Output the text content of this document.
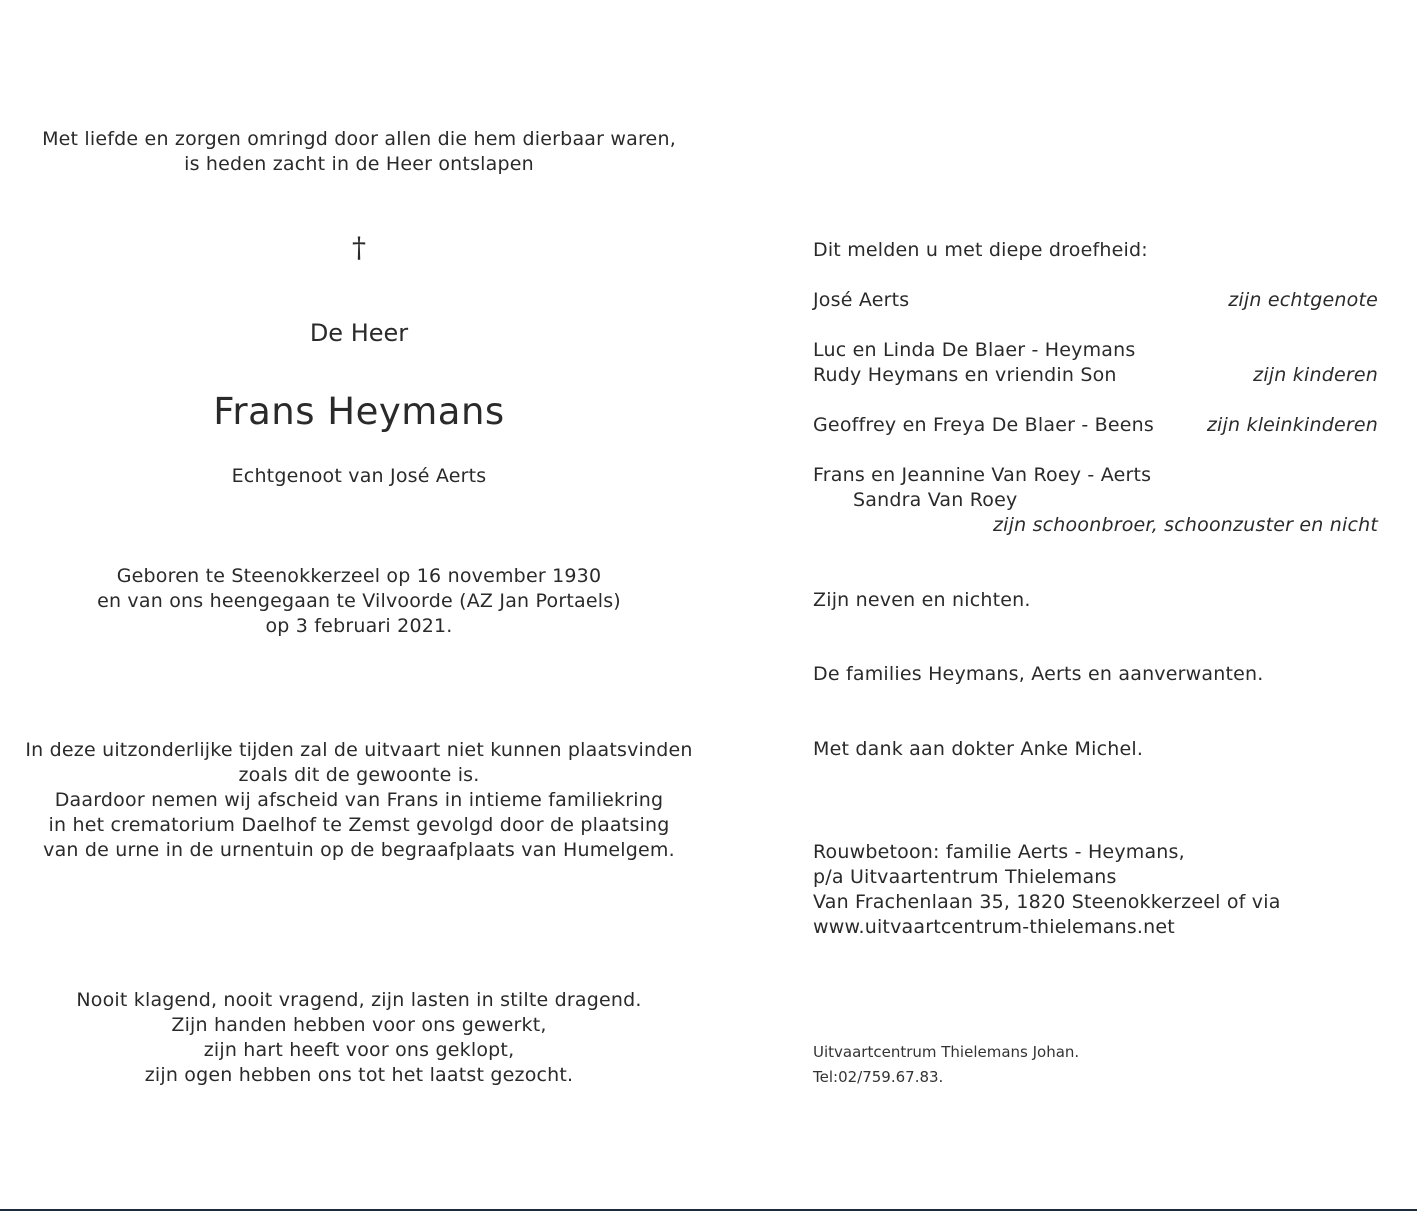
Met liefde en zorgen omringd door allen die hem dierbaar waren,
is heden zacht in de Heer ontslapen
†
De Heer
Frans Heymans
Echtgenoot van José Aerts
Geboren te Steenokkerzeel op 16 november 1930
en van ons heengegaan te Vilvoorde (AZ Jan Portaels)
op 3 februari 2021.
In deze uitzonderlijke tijden zal de uitvaart niet kunnen plaatsvinden
zoals dit de gewoonte is.
Daardoor nemen wij afscheid van Frans in intieme familiekring
in het crematorium Daelhof te Zemst gevolgd door de plaatsing
van de urne in de urnentuin op de begraafplaats van Humelgem.
Nooit klagend, nooit vragend, zijn lasten in stilte dragend.
Zijn handen hebben voor ons gewerkt,
zijn hart heeft voor ons geklopt,
zijn ogen hebben ons tot het laatst gezocht.
Dit melden u met diepe droefheid:
José Aerts	zijn echtgenote
Luc en Linda De Blaer - Heymans
Rudy Heymans en vriendin Son	zijn kinderen
Geoffrey en Freya De Blaer - Beens	zijn kleinkinderen
Frans en Jeannine Van Roey - Aerts
Sandra Van Roey
zijn schoonbroer, schoonzuster en nicht
Zijn neven en nichten.
De families Heymans, Aerts en aanverwanten.
Met dank aan dokter Anke Michel.
Rouwbetoon: familie Aerts - Heymans,
p/a Uitvaartentrum Thielemans
Van Frachenlaan 35, 1820 Steenokkerzeel of via
www.uitvaartcentrum-thielemans.net
Uitvaartcentrum Thielemans Johan.
Tel:02/759.67.83.
